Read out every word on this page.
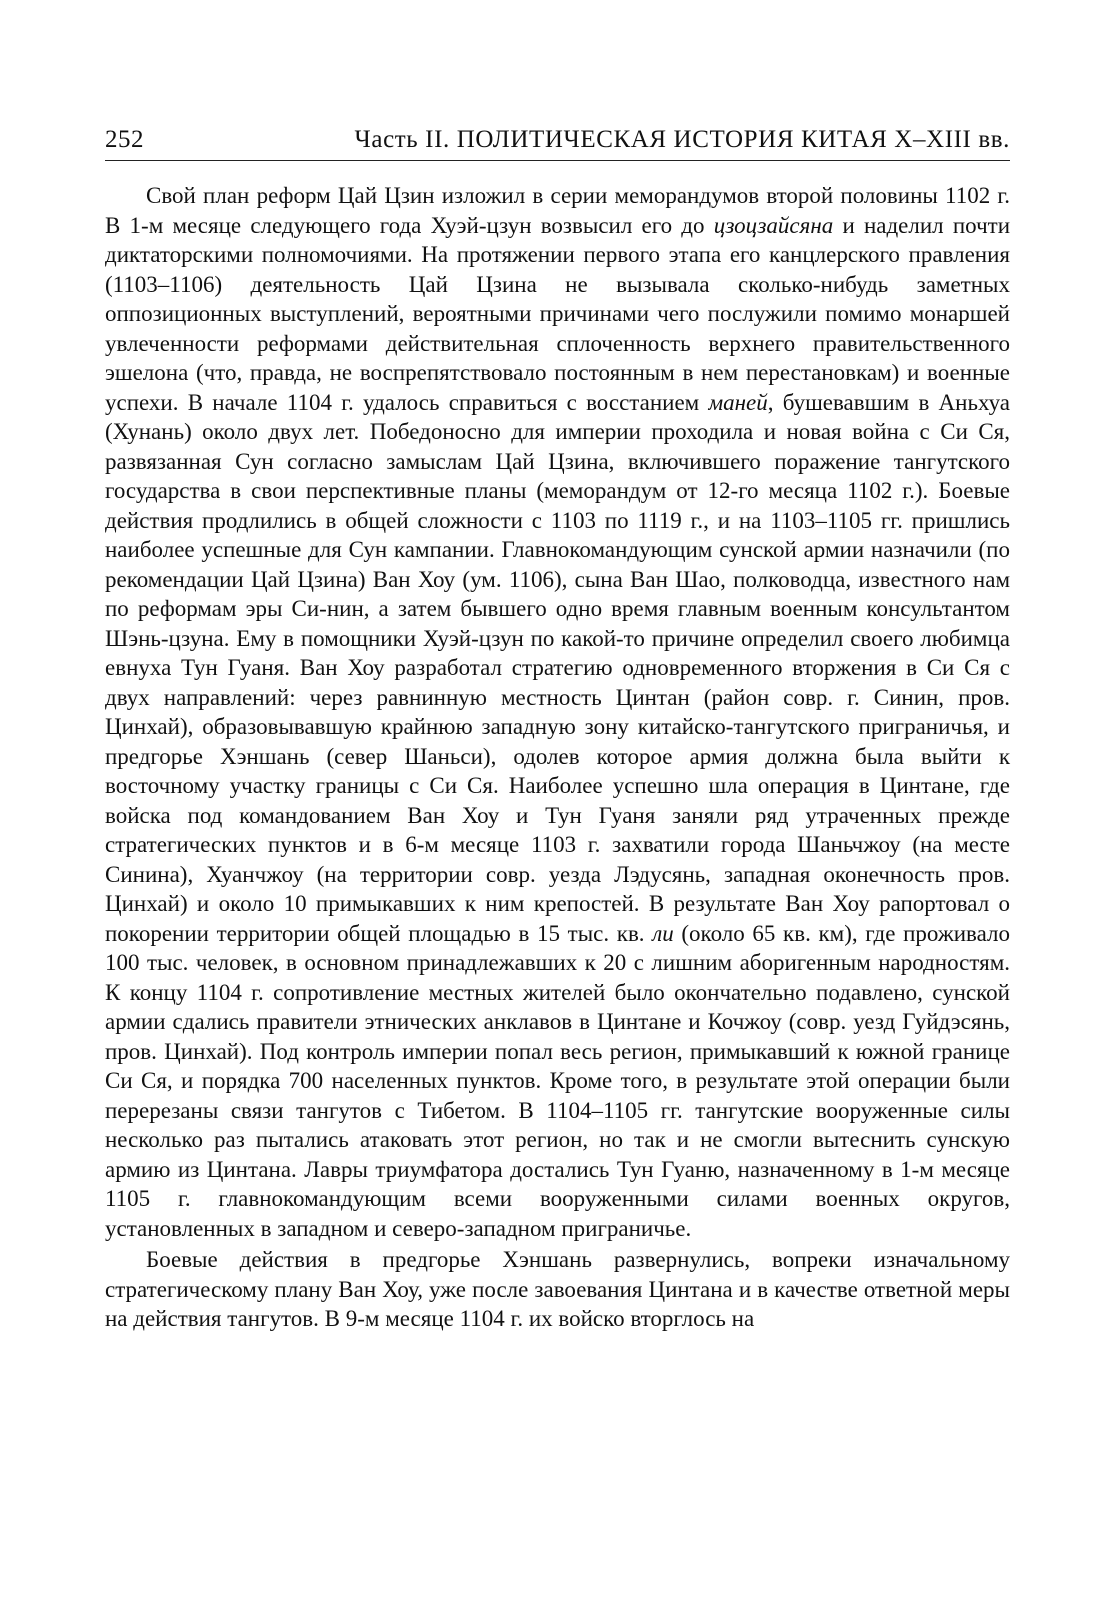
252	Часть II. ПОЛИТИЧЕСКАЯ ИСТОРИЯ КИТАЯ X–XIII вв.

Свой план реформ Цай Цзин изложил в серии меморандумов второй половины 1102 г. В 1-м месяце следующего года Хуэй-цзун возвысил его до цзоцзайсяна и наделил почти диктаторскими полномочиями. На протяжении первого этапа его канцлерского правления (1103–1106) деятельность Цай Цзина не вызывала сколько-нибудь заметных оппозиционных выступлений, вероятными причинами чего послужили помимо монаршей увлеченности реформами действительная сплоченность верхнего правительственного эшелона (что, правда, не воспрепятствовало постоянным в нем перестановкам) и военные успехи. В начале 1104 г. удалось справиться с восстанием маней, бушевавшим в Аньхуа (Хунань) около двух лет. Победоносно для империи проходила и новая война с Си Ся, развязанная Сун согласно замыслам Цай Цзина, включившего поражение тангутского государства в свои перспективные планы (меморандум от 12-го месяца 1102 г.). Боевые действия продлились в общей сложности с 1103 по 1119 г., и на 1103–1105 гг. пришлись наиболее успешные для Сун кампании. Главнокомандующим сунской армии назначили (по рекомендации Цай Цзина) Ван Хоу (ум. 1106), сына Ван Шао, полководца, известного нам по реформам эры Си-нин, а затем бывшего одно время главным военным консультантом Шэнь-цзуна. Ему в помощники Хуэй-цзун по какой-то причине определил своего любимца евнуха Тун Гуаня. Ван Хоу разработал стратегию одновременного вторжения в Си Ся с двух направлений: через равнинную местность Цинтан (район совр. г. Синин, пров. Цинхай), образовывавшую крайнюю западную зону китайско-тангутского приграничья, и предгорье Хэншань (север Шаньси), одолев которое армия должна была выйти к восточному участку границы с Си Ся. Наиболее успешно шла операция в Цинтане, где войска под командованием Ван Хоу и Тун Гуаня заняли ряд утраченных прежде стратегических пунктов и в 6-м месяце 1103 г. захватили города Шаньчжоу (на месте Синина), Хуанчжоу (на территории совр. уезда Лэдусянь, западная оконечность пров. Цинхай) и около 10 примыкавших к ним крепостей. В результате Ван Хоу рапортовал о покорении территории общей площадью в 15 тыс. кв. ли (около 65 кв. км), где проживало 100 тыс. человек, в основном принадлежавших к 20 с лишним аборигенным народностям. К концу 1104 г. сопротивление местных жителей было окончательно подавлено, сунской армии сдались правители этнических анклавов в Цинтане и Кочжоу (совр. уезд Гуйдэсянь, пров. Цинхай). Под контроль империи попал весь регион, примыкавший к южной границе Си Ся, и порядка 700 населенных пунктов. Кроме того, в результате этой операции были перерезаны связи тангутов с Тибетом. В 1104–1105 гг. тангутские вооруженные силы несколько раз пытались атаковать этот регион, но так и не смогли вытеснить сунскую армию из Цинтана. Лавры триумфатора достались Тун Гуаню, назначенному в 1-м месяце 1105 г. главнокомандующим всеми вооруженными силами военных округов, установленных в западном и северо-западном приграничье.

Боевые действия в предгорье Хэншань развернулись, вопреки изначальному стратегическому плану Ван Хоу, уже после завоевания Цинтана и в качестве ответной меры на действия тангутов. В 9-м месяце 1104 г. их войско вторглось на
